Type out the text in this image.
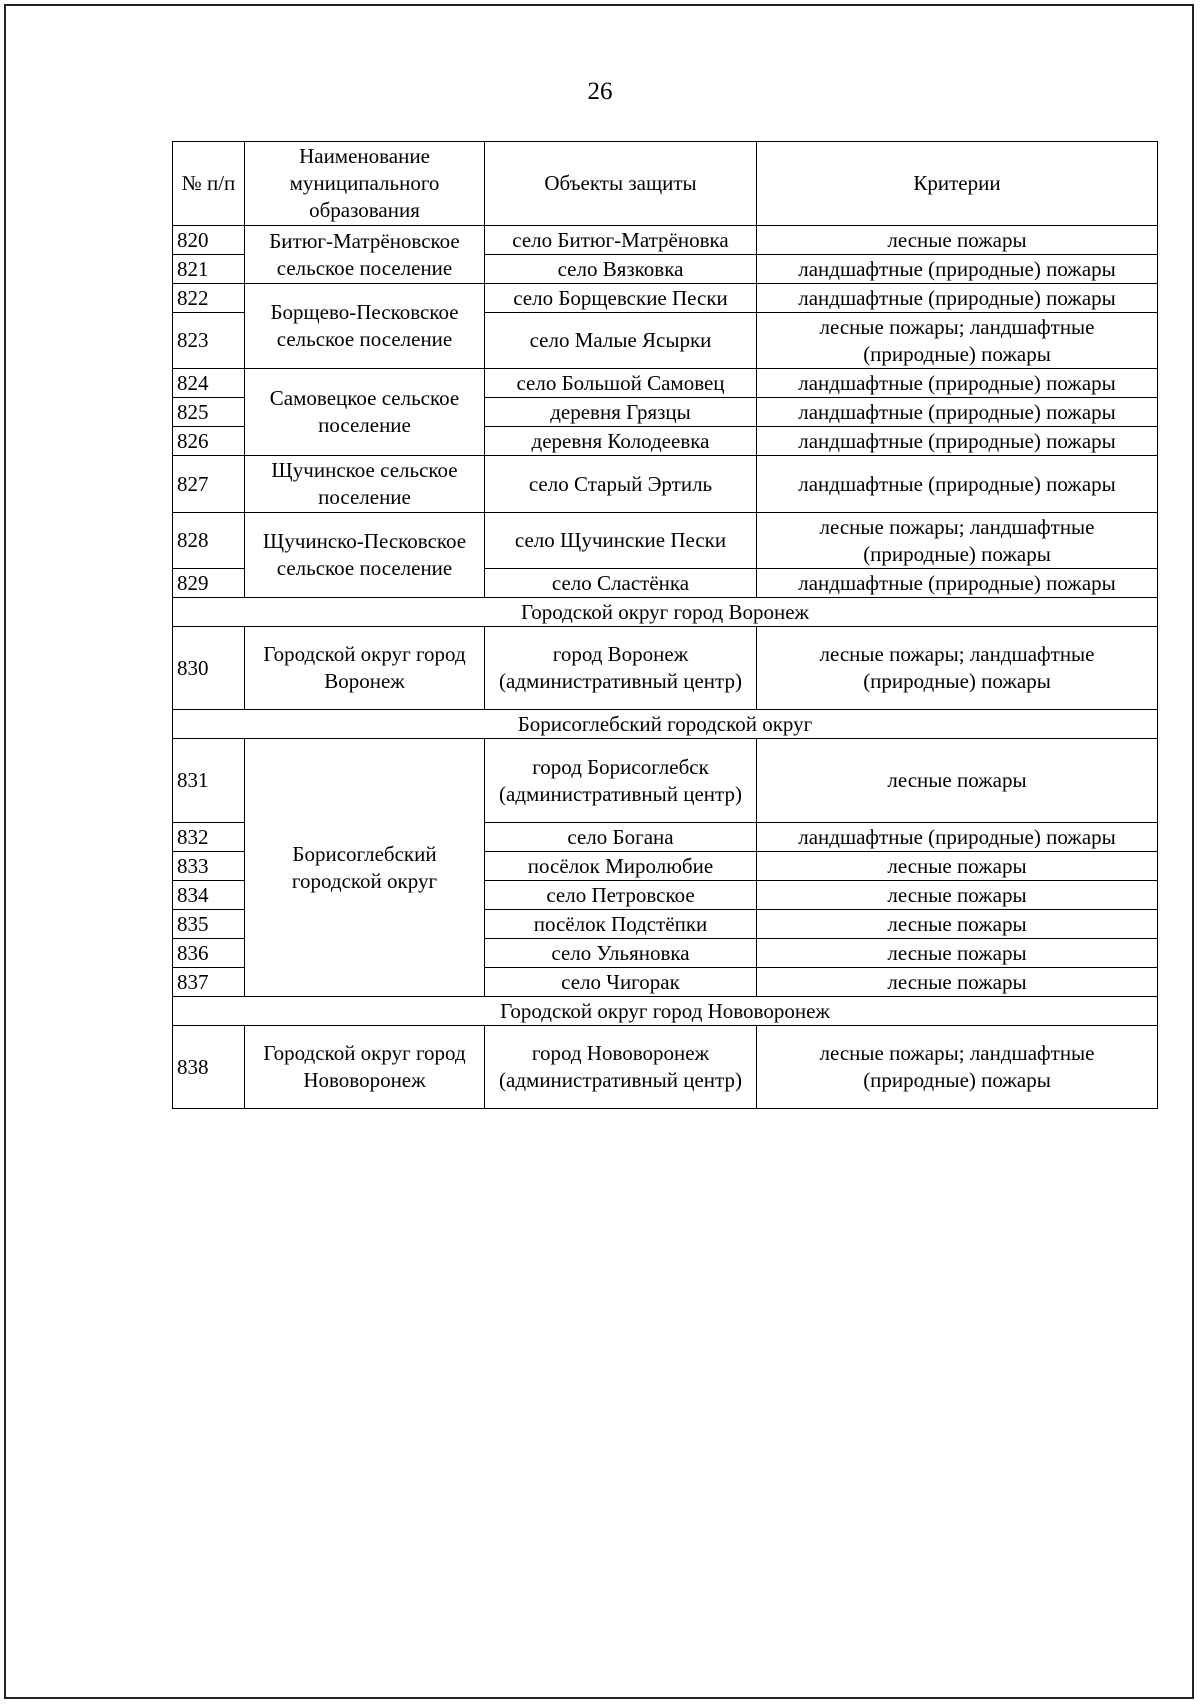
26
№ п/п	Наименование муниципального образования	Объекты защиты	Критерии
820	Битюг-Матрёновское сельское поселение	село Битюг-Матрёновка	лесные пожары
821		село Вязковка	ландшафтные (природные) пожары
822	Борщево-Песковское сельское поселение	село Борщевские Пески	ландшафтные (природные) пожары
823		село Малые Ясырки	лесные пожары; ландшафтные (природные) пожары
824	Самовецкое сельское поселение	село Большой Самовец	ландшафтные (природные) пожары
825		деревня Грязцы	ландшафтные (природные) пожары
826		деревня Колодеевка	ландшафтные (природные) пожары
827	Щучинское сельское поселение	село Старый Эртиль	ландшафтные (природные) пожары
828	Щучинско-Песковское сельское поселение	село Щучинские Пески	лесные пожары; ландшафтные (природные) пожары
829		село Сластёнка	ландшафтные (природные) пожары
Городской округ город Воронеж			
830	Городской округ город Воронеж	город Воронеж (административный центр)	лесные пожары; ландшафтные (природные) пожары
Борисоглебский городской округ			
831	Борисоглебский городской округ	город Борисоглебск (административный центр)	лесные пожары
832		село Богана	ландшафтные (природные) пожары
833		посёлок Миролюбие	лесные пожары
834		село Петровское	лесные пожары
835		посёлок Подстёпки	лесные пожары
836		село Ульяновка	лесные пожары
837		село Чигорак	лесные пожары
Городской округ город Нововоронеж			
838	Городской округ город Нововоронеж	город Нововоронеж (административный центр)	лесные пожары; ландшафтные (природные) пожары
